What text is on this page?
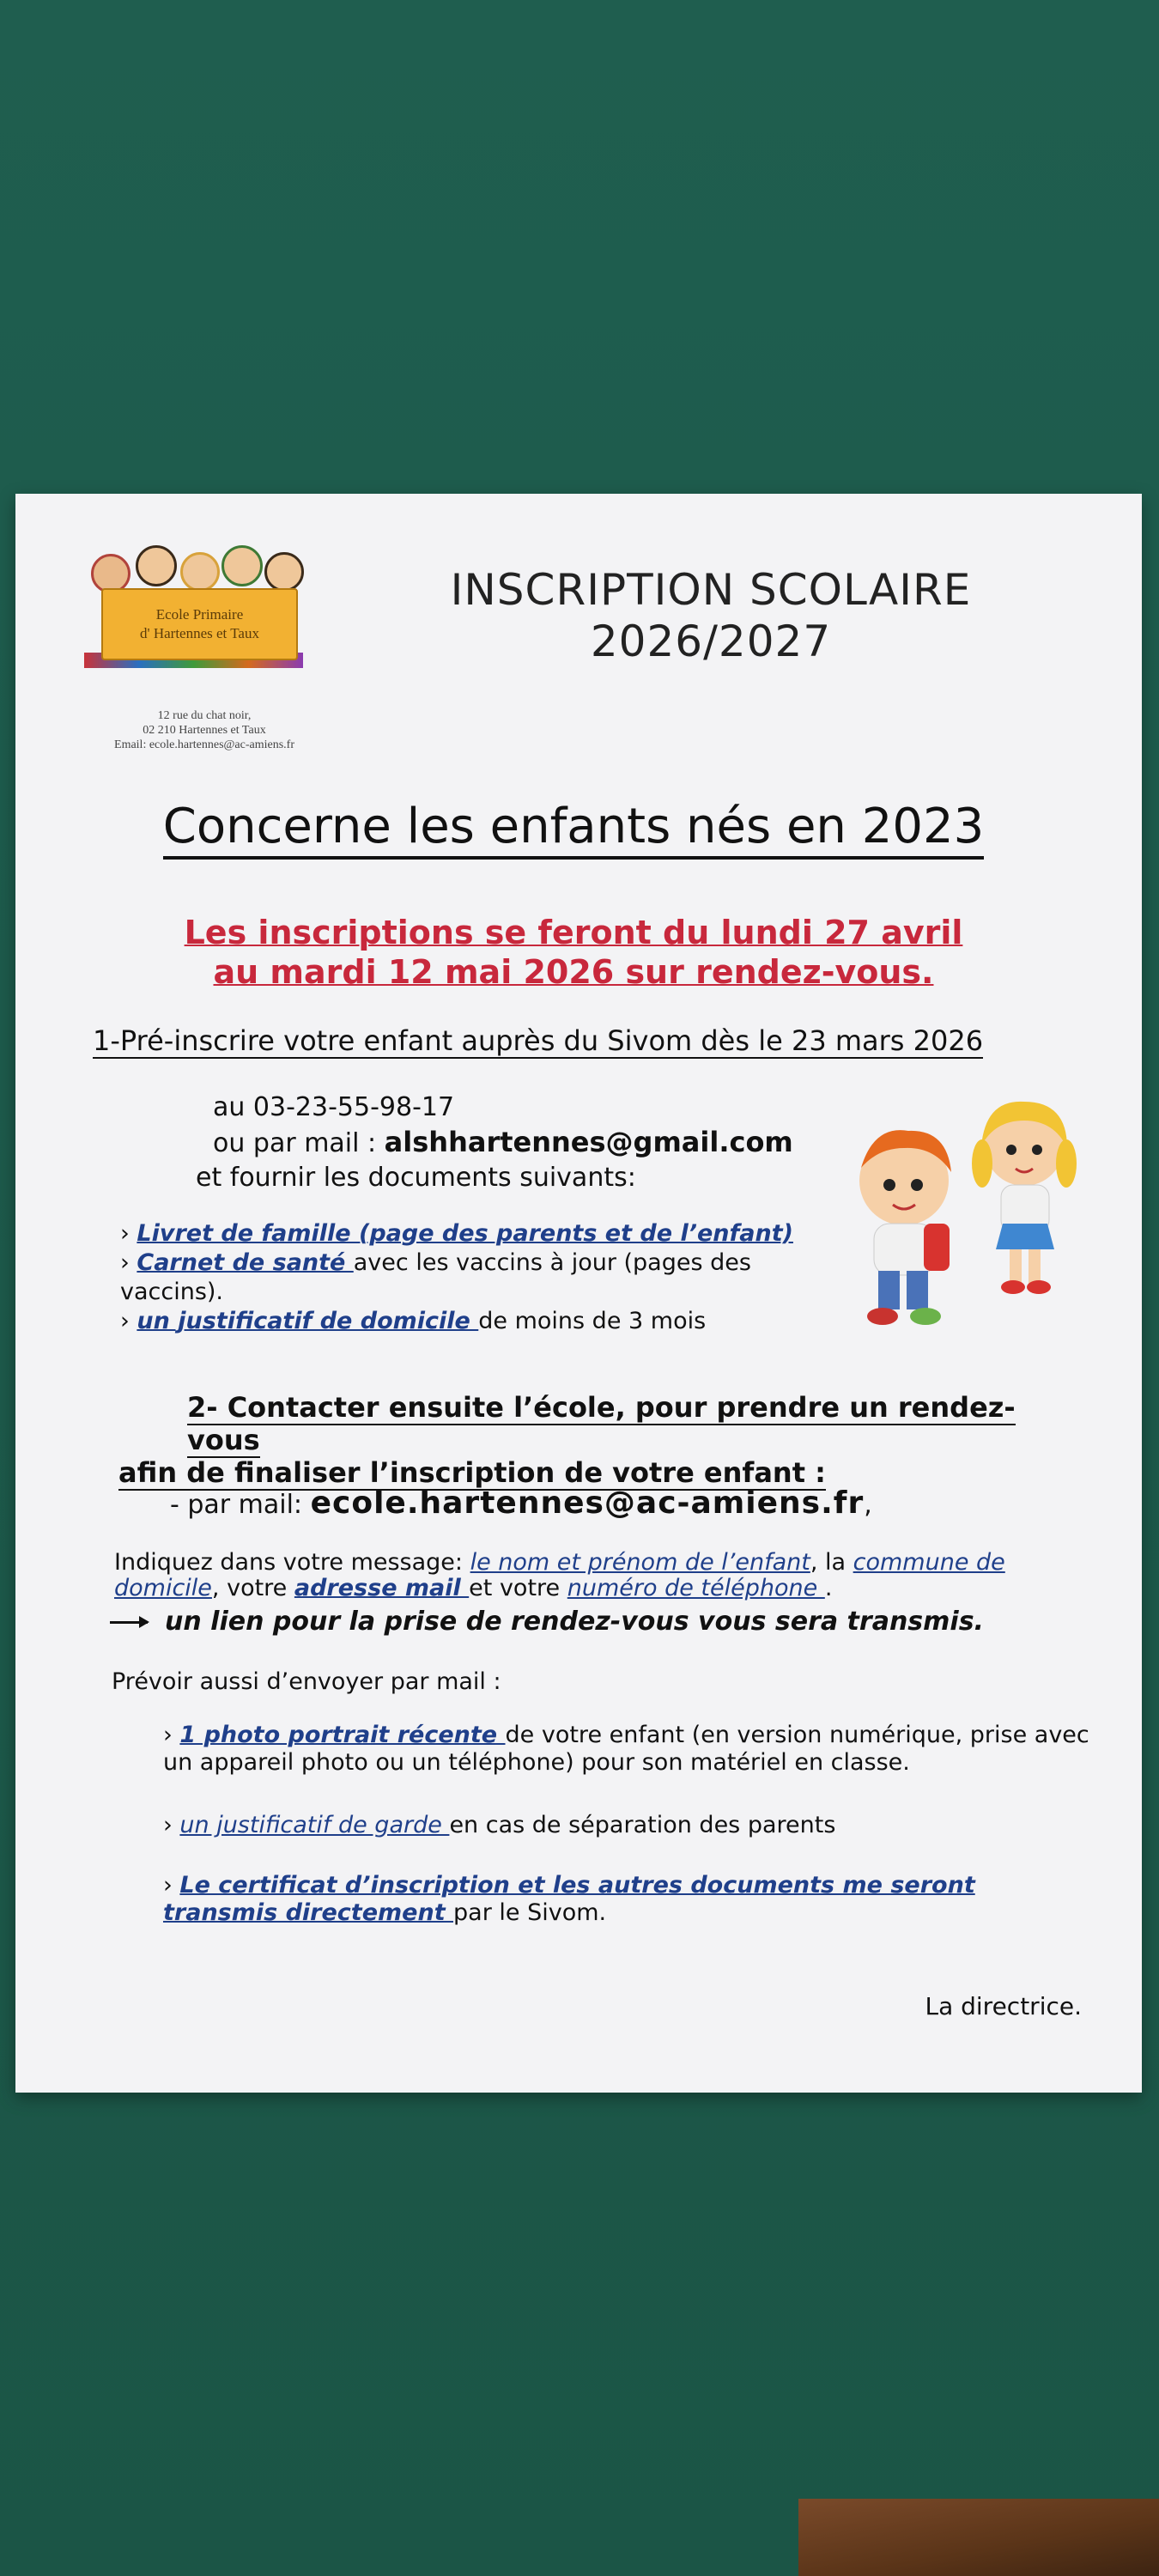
Ecole Primaire
d' Hartennes et Taux
12 rue du chat noir,
02 210 Hartennes et Taux
Email: ecole.hartennes@ac-amiens.fr
INSCRIPTION SCOLAIRE
2026/2027
Concerne les enfants nés en 2023
Les inscriptions se feront du lundi 27 avril
au mardi 12 mai 2026 sur rendez-vous.
1-Pré-inscrire votre enfant auprès du Sivom dès le 23 mars 2026
au 03-23-55-98-17
ou par mail : alshhartennes@gmail.com
et fournir les documents suivants:
› Livret de famille (page des parents et de l’enfant)
› Carnet de santé avec les vaccins à jour (pages des vaccins).
› un justificatif de domicile de moins de 3 mois
2- Contacter ensuite l’école, pour prendre un rendez-vous
afin de finaliser l’inscription de votre enfant :
- par mail: ecole.hartennes@ac-amiens.fr,
Indiquez dans votre message: le nom et prénom de l’enfant, la commune de domicile, votre adresse mail et votre numéro de téléphone .
un lien pour la prise de rendez-vous vous sera transmis.
Prévoir aussi d’envoyer par mail :
› 1 photo portrait récente de votre enfant (en version numérique, prise avec un appareil photo ou un téléphone) pour son matériel en classe.
› un justificatif de garde en cas de séparation des parents
› Le certificat d’inscription et les autres documents me seront transmis directement par le Sivom.
La directrice.
